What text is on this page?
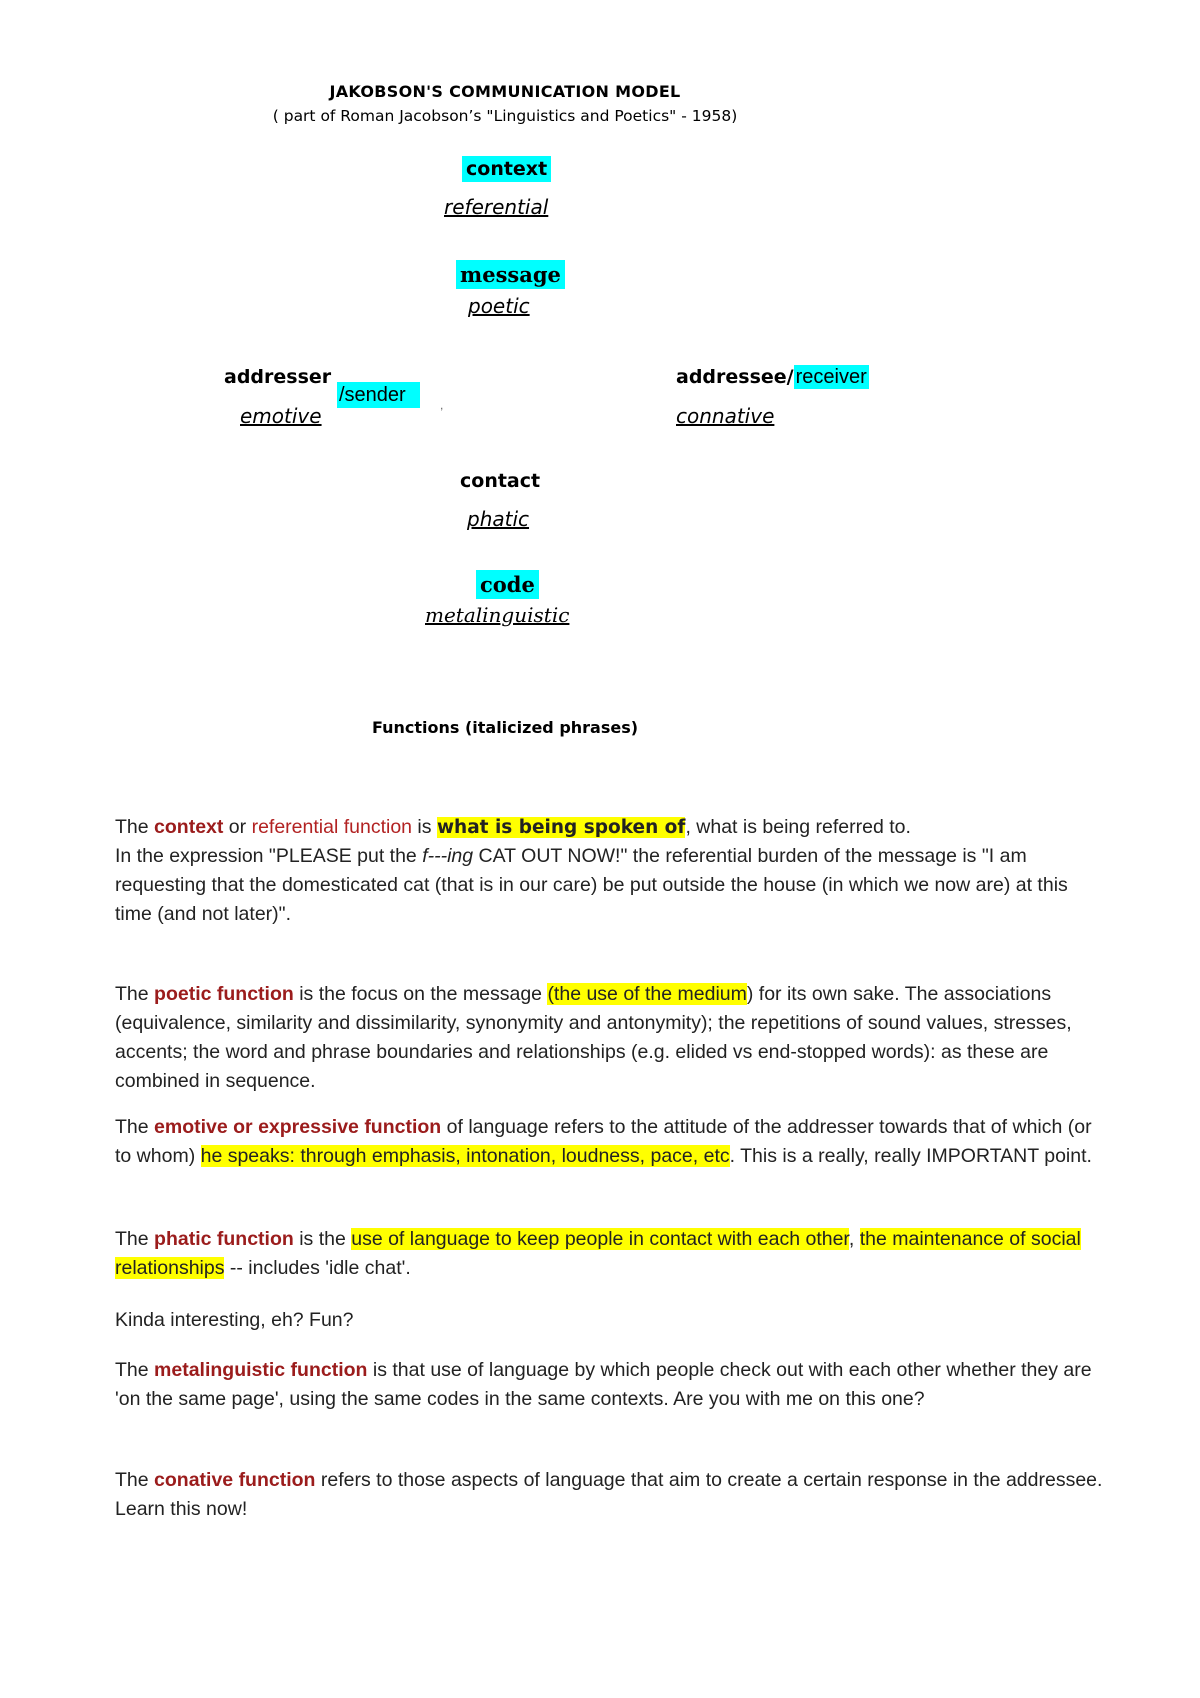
JAKOBSON'S COMMUNICATION MODEL
( part of Roman Jacobson’s "Linguistics and Poetics" - 1958)
context
referential
message
poetic
addresser
/sender	,
emotive
addressee/ receiver
connative
contact
phatic
code
metalinguistic
Functions (italicized phrases)

The context or referential function is what is being spoken of, what is being referred to.

In the expression "PLEASE put the f---ing CAT OUT NOW!" the referential burden of the message is "I am requesting that the domesticated cat (that is in our care) be put outside the house (in which we now are) at this time (and not later)".

The poetic function is the focus on the message (the use of the medium) for its own sake. The associations (equivalence, similarity and dissimilarity, synonymity and antonymity); the repetitions of sound values, stresses, accents; the word and phrase boundaries and relationships (e.g. elided vs end-stopped words): as these are combined in sequence.

The emotive or expressive function of language refers to the attitude of the addresser towards that of which (or to whom) he speaks: through emphasis, intonation, loudness, pace, etc. This is a really, really IMPORTANT point.

The phatic function is the use of language to keep people in contact with each other, the maintenance of social relationships -- includes 'idle chat'.

Kinda interesting, eh? Fun?

The metalinguistic function is that use of language by which people check out with each other whether they are 'on the same page', using the same codes in the same contexts. Are you with me on this one?

The conative function refers to those aspects of language that aim to create a certain response in the addressee. Learn this now!
